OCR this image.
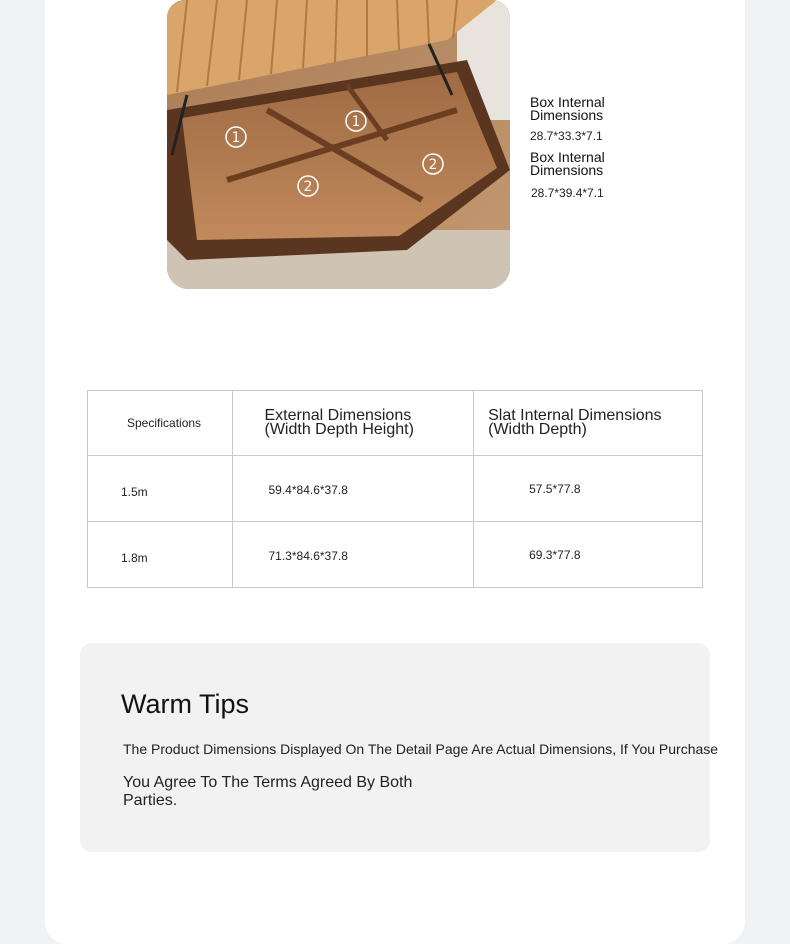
1
1
2
2
Box Internal Dimensions
28.7*33.3*7.1
Box Internal Dimensions
28.7*39.4*7.1
Specifications	External Dimensions (Width Depth Height)	Slat Internal Dimensions (Width Depth)

1.5m	59.4*84.6*37.8	57.5*77.8
1.8m	71.3*84.6*37.8	69.3*77.8
Warm Tips
The Product Dimensions Displayed On The Detail Page Are Actual Dimensions, If You Purchase
You Agree To The Terms Agreed By Both Parties.
